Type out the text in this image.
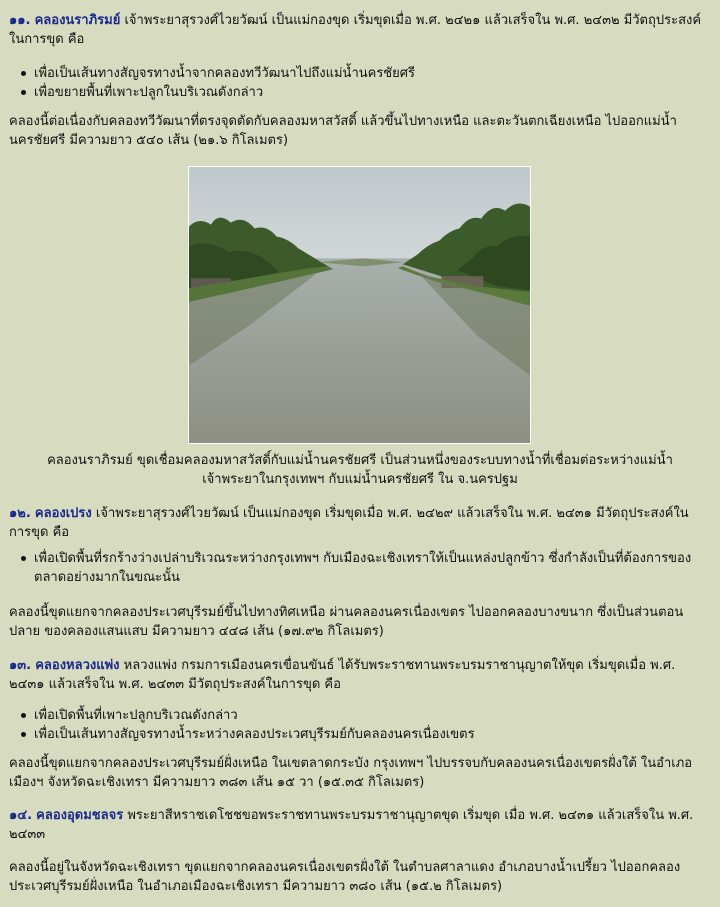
๑๑. คลองนราภิรมย์ เจ้าพระยาสุรวงศ์ไวยวัฒน์ เป็นแม่กองขุด เริ่มขุดเมื่อ พ.ศ. ๒๔๒๑ แล้วเสร็จใน พ.ศ. ๒๔๓๒ มีวัตถุประสงค์ในการขุด คือ

เพื่อเป็นเส้นทางสัญจรทางน้ำจากคลองทวีวัฒนาไปถึงแม่น้ำนครชัยศรี
เพื่อขยายพื้นที่เพาะปลูกในบริเวณดังกล่าว

คลองนี้ต่อเนื่องกับคลองทวีวัฒนาที่ตรงจุดตัดกับคลองมหาสวัสดิ์ แล้วขึ้นไปทางเหนือ และตะวันตกเฉียงเหนือ ไปออกแม่น้ำนครชัยศรี มีความยาว ๕๔๐ เส้น (๒๑.๖ กิโลเมตร)

คลองนราภิรมย์ ขุดเชื่อมคลองมหาสวัสดิ์กับแม่น้ำนครชัยศรี เป็นส่วนหนึ่งของระบบทางน้ำที่เชื่อมต่อระหว่างแม่น้ำเจ้าพระยาในกรุงเทพฯ กับแม่น้ำนครชัยศรี ใน จ.นครปฐม

๑๒. คลองเปรง เจ้าพระยาสุรวงศ์ไวยวัฒน์ เป็นแม่กองขุด เริ่มขุดเมื่อ พ.ศ. ๒๔๒๙ แล้วเสร็จใน พ.ศ. ๒๔๓๑ มีวัตถุประสงค์ในการขุด คือ

เพื่อเปิดพื้นที่รกร้างว่างเปล่าบริเวณระหว่างกรุงเทพฯ กับเมืองฉะเชิงเทราให้เป็นแหล่งปลูกข้าว ซึ่งกำลังเป็นที่ต้องการของตลาดอย่างมากในขณะนั้น

คลองนี้ขุดแยกจากคลองประเวศบุรีรมย์ขึ้นไปทางทิศเหนือ ผ่านคลองนครเนื่องเขตร ไปออกคลองบางขนาก ซึ่งเป็นส่วนตอนปลาย ของคลองแสนแสบ มีความยาว ๔๔๘ เส้น (๑๗.๙๒ กิโลเมตร)

๑๓. คลองหลวงแพ่ง หลวงแพ่ง กรมการเมืองนครเขื่อนขันธ์ ได้รับพระราชทานพระบรมราชานุญาตให้ขุด เริ่มขุดเมื่อ พ.ศ. ๒๔๓๑ แล้วเสร็จใน พ.ศ. ๒๔๓๓ มีวัตถุประสงค์ในการขุด คือ

เพื่อเปิดพื้นที่เพาะปลูกบริเวณดังกล่าว
เพื่อเป็นเส้นทางสัญจรทางน้ำระหว่างคลองประเวศบุรีรมย์กับคลองนครเนื่องเขตร

คลองนี้ขุดแยกจากคลองประเวศบุรีรมย์ฝั่งเหนือ ในเขตลาดกระบัง กรุงเทพฯ ไปบรรจบกับคลองนครเนื่องเขตรฝั่งใต้ ในอำเภอเมืองฯ จังหวัดฉะเชิงเทรา มีความยาว ๓๘๓ เส้น ๑๕ วา (๑๕.๓๕ กิโลเมตร)

๑๔. คลองอุดมชลจร พระยาสีหราชเดโชชขอพระราชทานพระบรมราชานุญาตขุด เริ่มขุด เมื่อ พ.ศ. ๒๔๓๑ แล้วเสร็จใน พ.ศ. ๒๔๓๓

คลองนี้อยู่ในจังหวัดฉะเชิงเทรา ขุดแยกจากคลองนครเนื่องเขตรฝั่งใต้ ในตำบลศาลาแดง อำเภอบางน้ำเปรี้ยว ไปออกคลองประเวศบุรีรมย์ฝั่งเหนือ ในอำเภอเมืองฉะเชิงเทรา มีความยาว ๓๘๐ เส้น (๑๕.๒ กิโลเมตร)
